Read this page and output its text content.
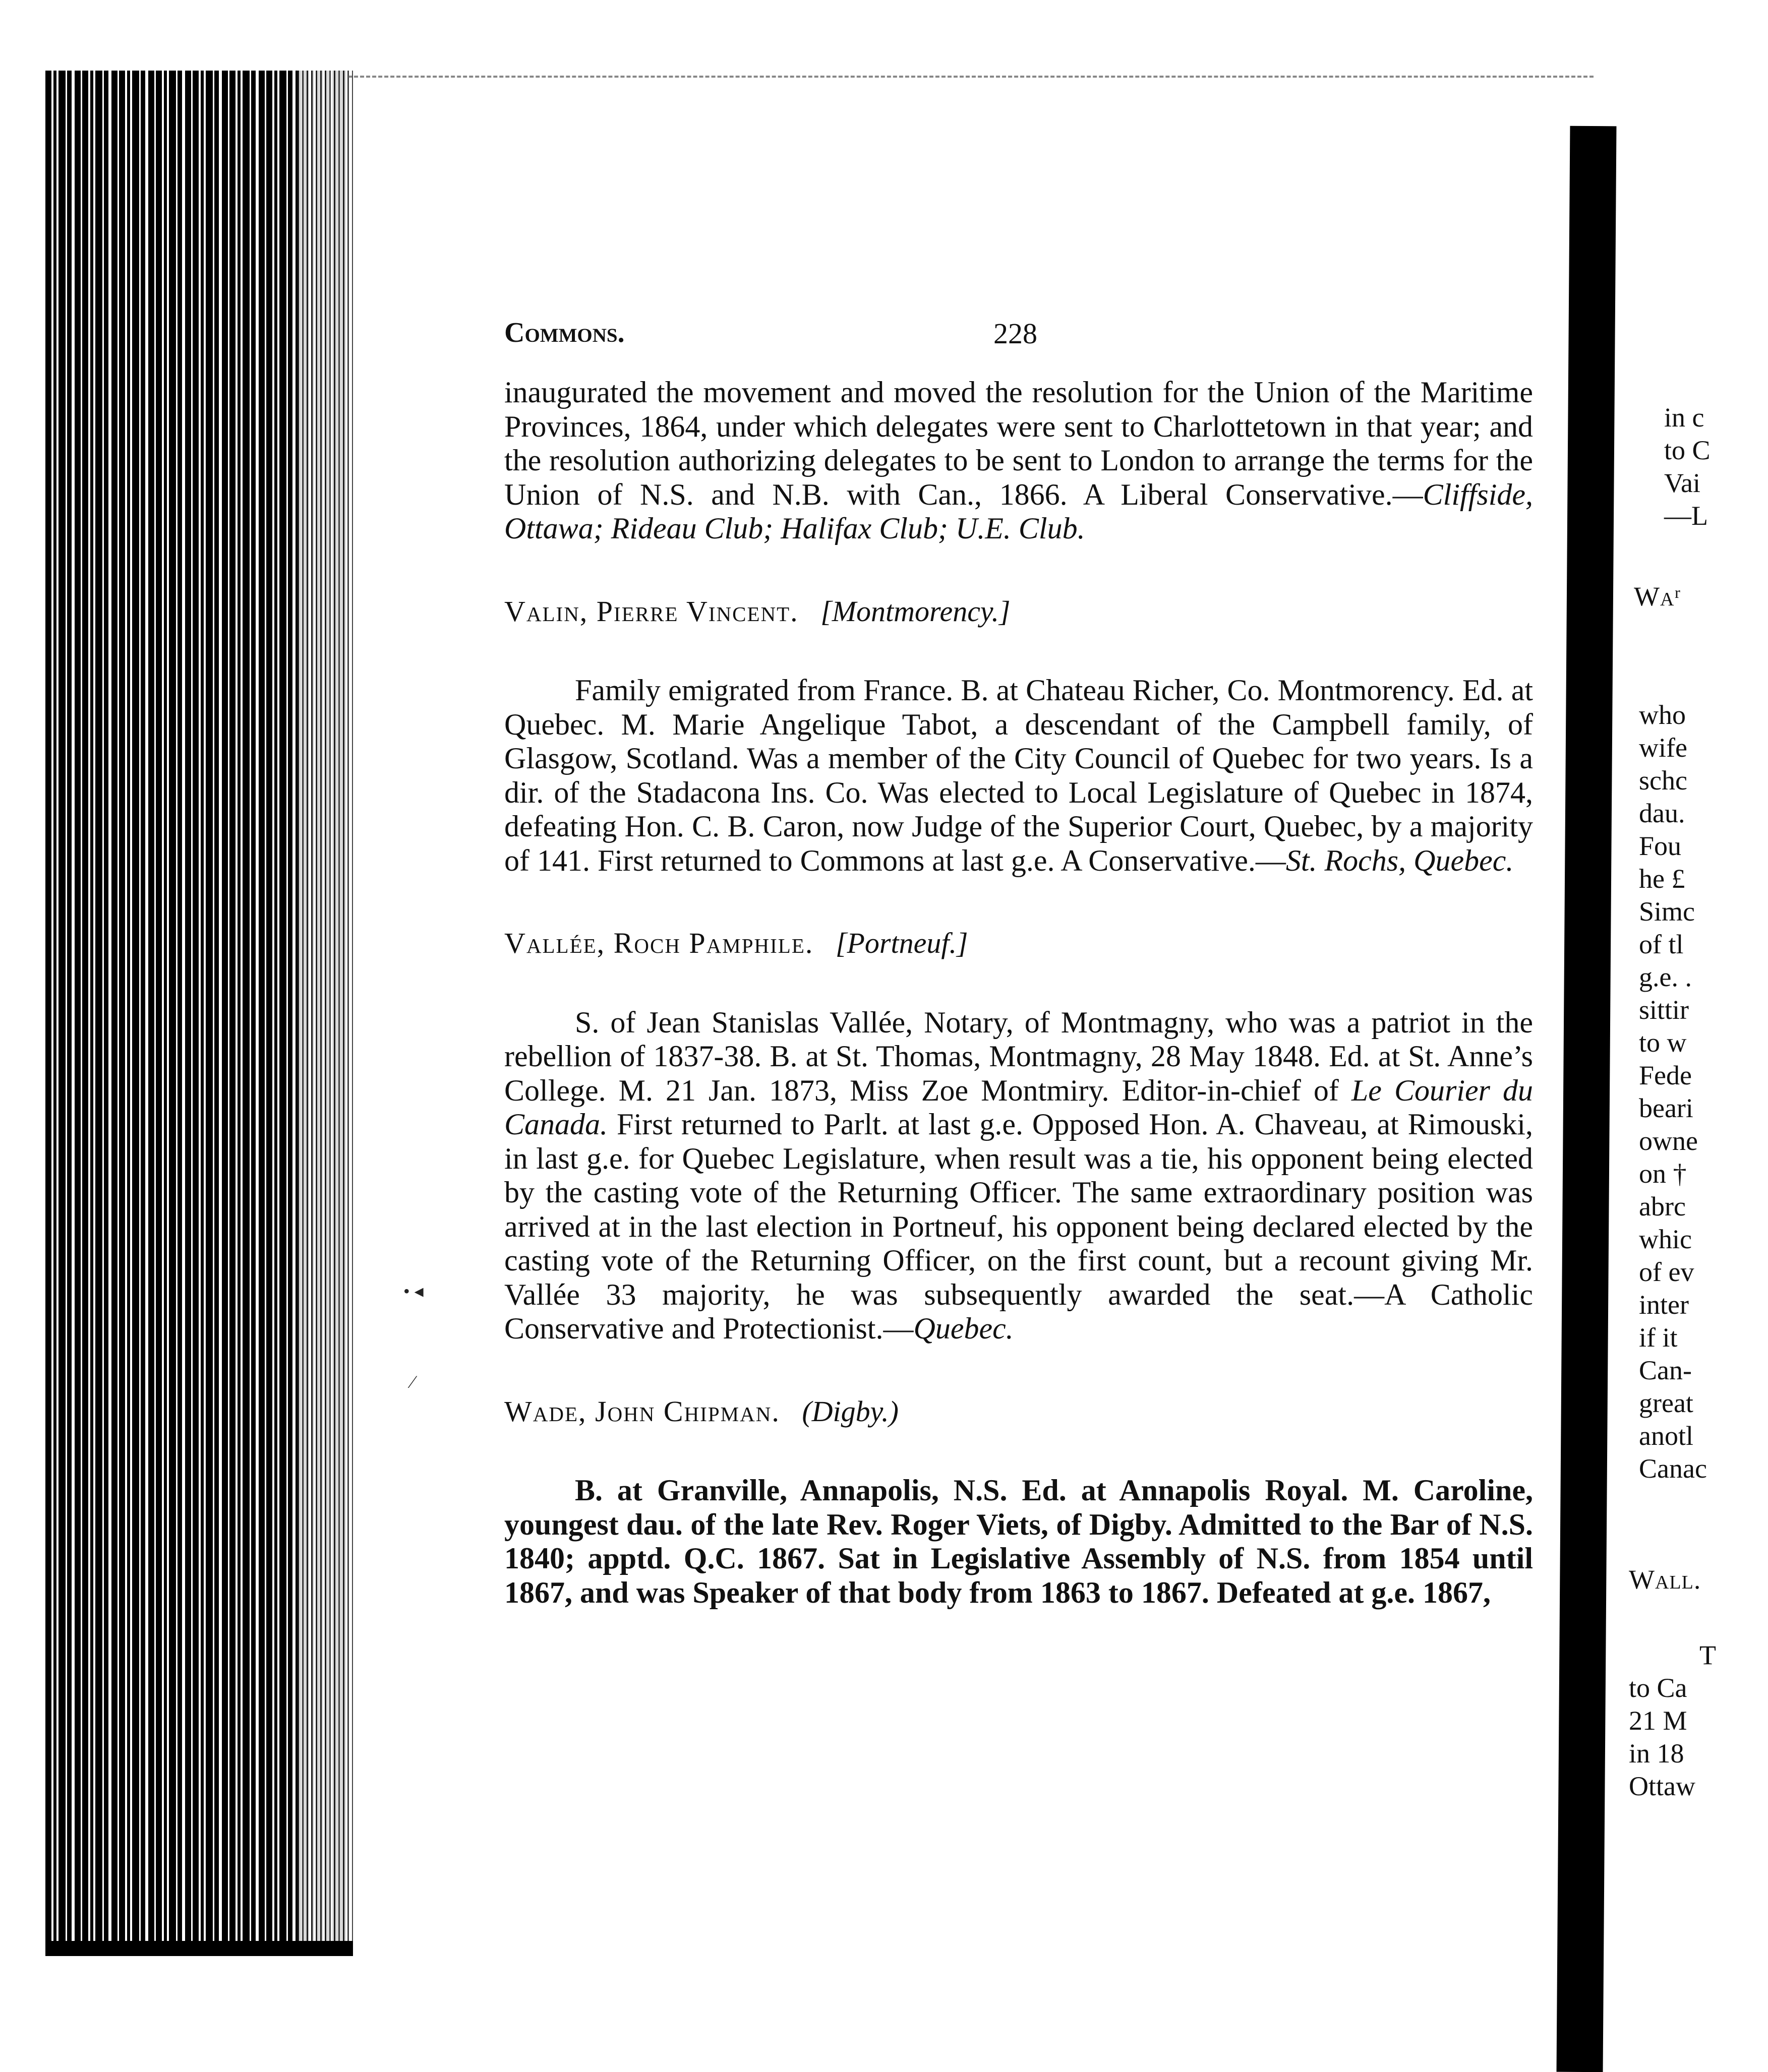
• ◂
⁄
Commons.	228

inaugurated the movement and moved the resolution for the Union of the Maritime Provinces, 1864, under which delegates were sent to Charlottetown in that year; and the resolution authorizing delegates to be sent to London to arrange the terms for the Union of N.S. and N.B. with Can., 1866. A Liberal Conservative.—Cliffside, Ottawa; Rideau Club; Halifax Club; U.E. Club.

Valin, Pierre Vincent. [Montmorency.]

Family emigrated from France. B. at Chateau Richer, Co. Montmorency. Ed. at Quebec. M. Marie Angelique Tabot, a descendant of the Campbell family, of Glasgow, Scotland. Was a member of the City Council of Quebec for two years. Is a dir. of the Stadacona Ins. Co. Was elected to Local Legislature of Quebec in 1874, defeating Hon. C. B. Caron, now Judge of the Superior Court, Quebec, by a majority of 141. First returned to Commons at last g.e. A Conservative.—St. Rochs, Quebec.

Vallée, Roch Pamphile. [Portneuf.]

S. of Jean Stanislas Vallée, Notary, of Montmagny, who was a patriot in the rebellion of 1837-38. B. at St. Thomas, Montmagny, 28 May 1848. Ed. at St. Anne’s College. M. 21 Jan. 1873, Miss Zoe Montmiry. Editor-in-chief of Le Courier du Canada. First returned to Parlt. at last g.e. Opposed Hon. A. Chaveau, at Rimouski, in last g.e. for Quebec Legislature, when result was a tie, his opponent being elected by the casting vote of the Returning Officer. The same extraordinary position was arrived at in the last election in Portneuf, his opponent being declared elected by the casting vote of the Returning Officer, on the first count, but a recount giving Mr. Vallée 33 majority, he was subsequently awarded the seat.—A Catholic Conservative and Protectionist.—Quebec.

Wade, John Chipman. (Digby.)

B. at Granville, Annapolis, N.S. Ed. at Annapolis Royal. M. Caroline, youngest dau. of the late Rev. Roger Viets, of Digby. Admitted to the Bar of N.S. 1840; apptd. Q.C. 1867. Sat in Legislative Assembly of N.S. from 1854 until 1867, and was Speaker of that body from 1863 to 1867. Defeated at g.e. 1867,

in c
to C
Vai
—L
Waʳ
who
wife
schc
dau.
Fou
he £
Simc
of tl
g.e. .
sittir
to w
Fede
beari
owne
on †
abrc
whic
of ev
inter
if it
Can‐
great
anotl
Canac
Wall.
T
to Ca
21 M
in 18
Ottaw
